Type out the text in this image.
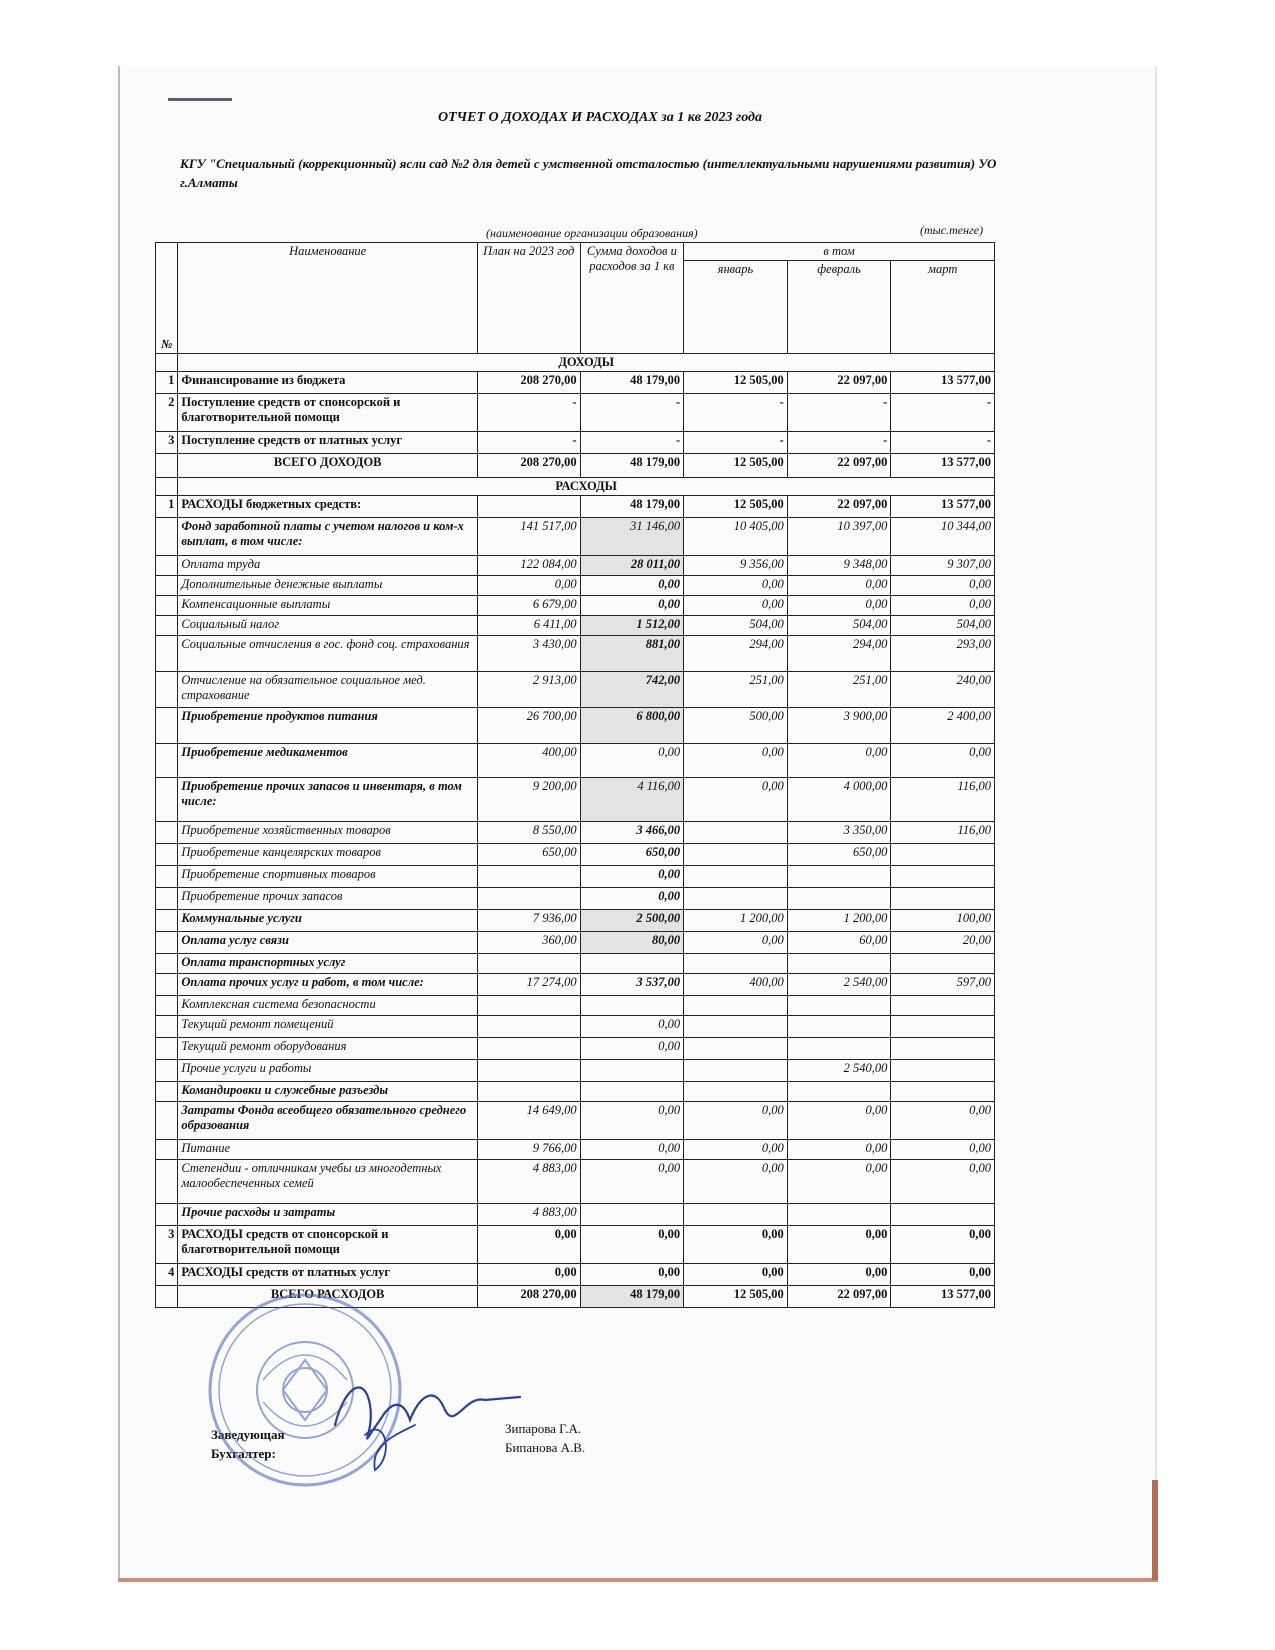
ОТЧЕТ О ДОХОДАХ И РАСХОДАХ за 1 кв 2023 года
КГУ "Специальный (коррекционный) ясли сад №2 для детей с умственной отсталостью (интеллектуальными нарушениями развития) УО г.Алматы
(наименование организации образования)	(тыс.тенге)
№	Наименование	План на 2023 год	Сумма доходов и расходов за 1 кв	в том		
				январь	февраль	март
	ДОХОДЫ					
1	Финансирование из бюджета	208 270,00	48 179,00	12 505,00	22 097,00	13 577,00
2	Поступление средств от спонсорской и благотворительной помощи	-	-	-	-	-
3	Поступление средств от платных услуг	-	-	-	-	-
	ВСЕГО ДОХОДОВ	208 270,00	48 179,00	12 505,00	22 097,00	13 577,00
	РАСХОДЫ					
1	РАСХОДЫ бюджетных средств:		48 179,00	12 505,00	22 097,00	13 577,00
	Фонд заработной платы с учетом налогов и ком-х выплат, в том числе:	141 517,00	31 146,00	10 405,00	10 397,00	10 344,00
	Оплата труда	122 084,00	28 011,00	9 356,00	9 348,00	9 307,00
	Дополнительные денежные выплаты	0,00	0,00	0,00	0,00	0,00
	Компенсационные выплаты	6 679,00	0,00	0,00	0,00	0,00
	Социальный налог	6 411,00	1 512,00	504,00	504,00	504,00
	Социальные отчисления в гос. фонд соц. страхования	3 430,00	881,00	294,00	294,00	293,00
	Отчисление на обязательное социальное мед. страхование	2 913,00	742,00	251,00	251,00	240,00
	Приобретение продуктов питания	26 700,00	6 800,00	500,00	3 900,00	2 400,00
	Приобретение медикаментов	400,00	0,00	0,00	0,00	0,00
	Приобретение прочих запасов и инвентаря, в том числе:	9 200,00	4 116,00	0,00	4 000,00	116,00
	Приобретение хозяйственных товаров	8 550,00	3 466,00		3 350,00	116,00
	Приобретение канцелярских товаров	650,00	650,00		650,00	
	Приобретение спортивных товаров		0,00			
	Приобретение прочих запасов		0,00			
	Коммунальные услуги	7 936,00	2 500,00	1 200,00	1 200,00	100,00
	Оплата услуг связи	360,00	80,00	0,00	60,00	20,00
	Оплата транспортных услуг					
	Оплата прочих услуг и работ, в том числе:	17 274,00	3 537,00	400,00	2 540,00	597,00
	Комплексная система безопасности					
	Текущий ремонт помещений		0,00			
	Текущий ремонт оборудования		0,00			
	Прочие услуги и работы				2 540,00	
	Командировки и служебные разъезды					
	Затраты Фонда всеобщего обязательного среднего образования	14 649,00	0,00	0,00	0,00	0,00
	Питание	9 766,00	0,00	0,00	0,00	0,00
	Степендии - отличникам учебы из многодетных малообеспеченных семей	4 883,00	0,00	0,00	0,00	0,00
	Прочие расходы и затраты	4 883,00				
3	РАСХОДЫ средств от спонсорской и благотворительной помощи	0,00	0,00	0,00	0,00	0,00
4	РАСХОДЫ средств от платных услуг	0,00	0,00	0,00	0,00	0,00
	ВСЕГО РАСХОДОВ	208 270,00	48 179,00	12 505,00	22 097,00	13 577,00
Заведующая	Зипарова Г.А.
Бухгалтер:	Бипанова А.В.
